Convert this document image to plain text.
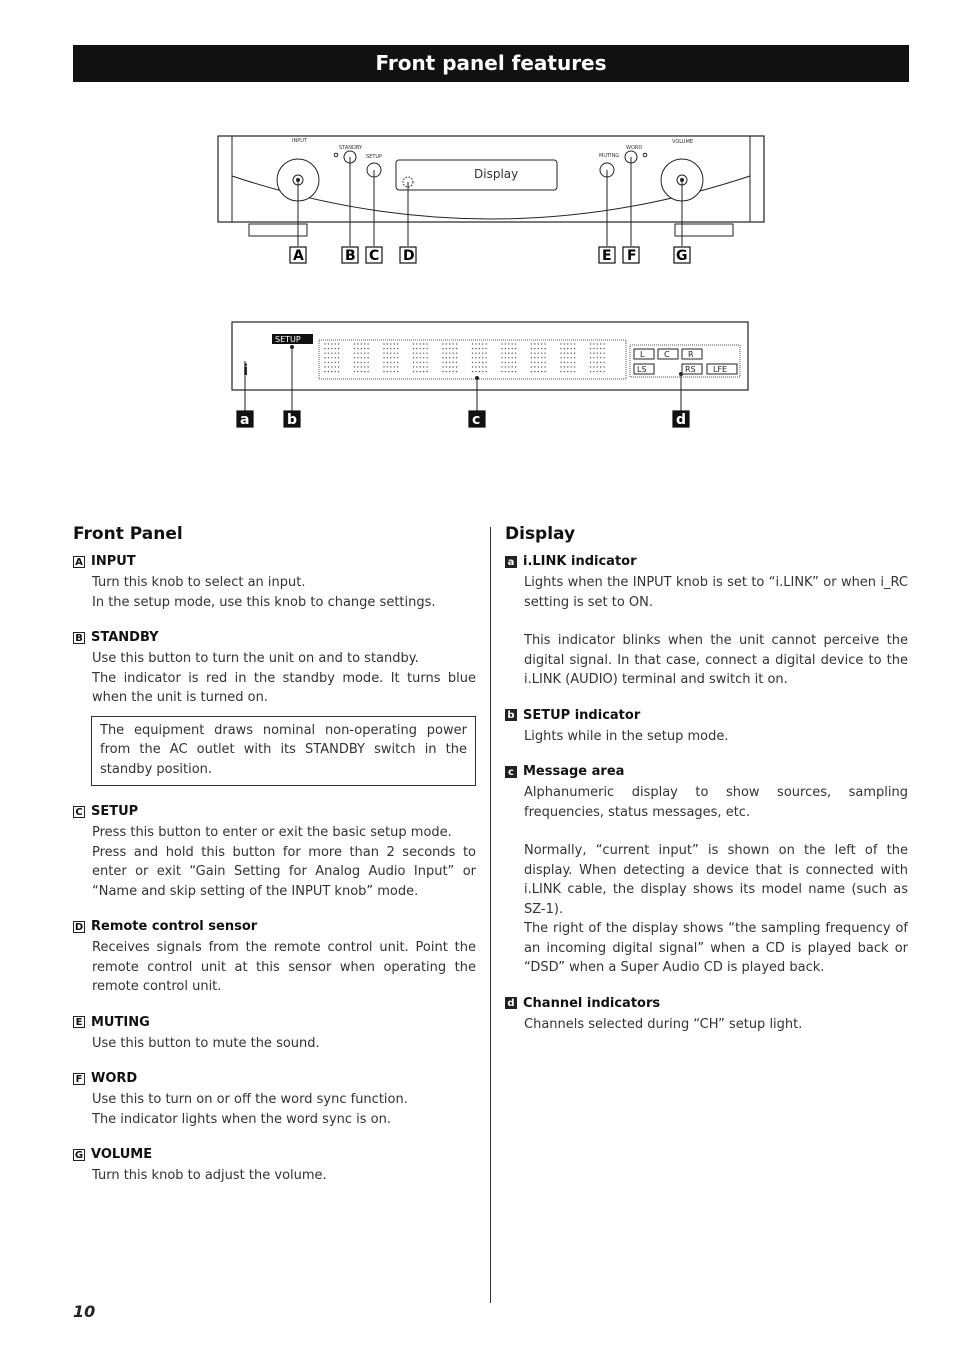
Front panel features
Display
INPUT
STANDBY
SETUP	MUTING
WORD
VOLUME
A	B C D	E F	G
i
SETUP
L C R
LS	RS LFE
a	b	c	d
Front Panel
A INPUT

Turn this knob to select an input.
In the setup mode, use this knob to change settings.

B STANDBY

Use this button to turn the unit on and to standby.
The indicator is red in the standby mode. It turns blue when the unit is turned on.

The equipment draws nominal non-operating power from the AC outlet with its STANDBY switch in the standby position.
C SETUP

Press this button to enter or exit the basic setup mode.
Press and hold this button for more than 2 seconds to enter or exit “Gain Setting for Analog Audio Input” or “Name and skip setting of the INPUT knob” mode.

D Remote control sensor

Receives signals from the remote control unit. Point the remote control unit at this sensor when operating the remote control unit.

E MUTING

Use this button to mute the sound.

F WORD

Use this to turn on or off the word sync function.
The indicator lights when the word sync is on.

G VOLUME

Turn this knob to adjust the volume.

Display
a i.LINK indicator

Lights when the INPUT knob is set to “i.LINK” or when i_RC setting is set to ON.

This indicator blinks when the unit cannot perceive the digital signal. In that case, connect a digital device to the i.LINK (AUDIO) terminal and switch it on.

b SETUP indicator

Lights while in the setup mode.

c Message area

Alphanumeric display to show sources, sampling frequencies, status messages, etc.

Normally, “current input” is shown on the left of the display. When detecting a device that is connected with i.LINK cable, the display shows its model name (such as SZ-1).
The right of the display shows “the sampling frequency of an incoming digital signal” when a CD is played back or “DSD” when a Super Audio CD is played back.

d Channel indicators

Channels selected during “CH” setup light.

10
